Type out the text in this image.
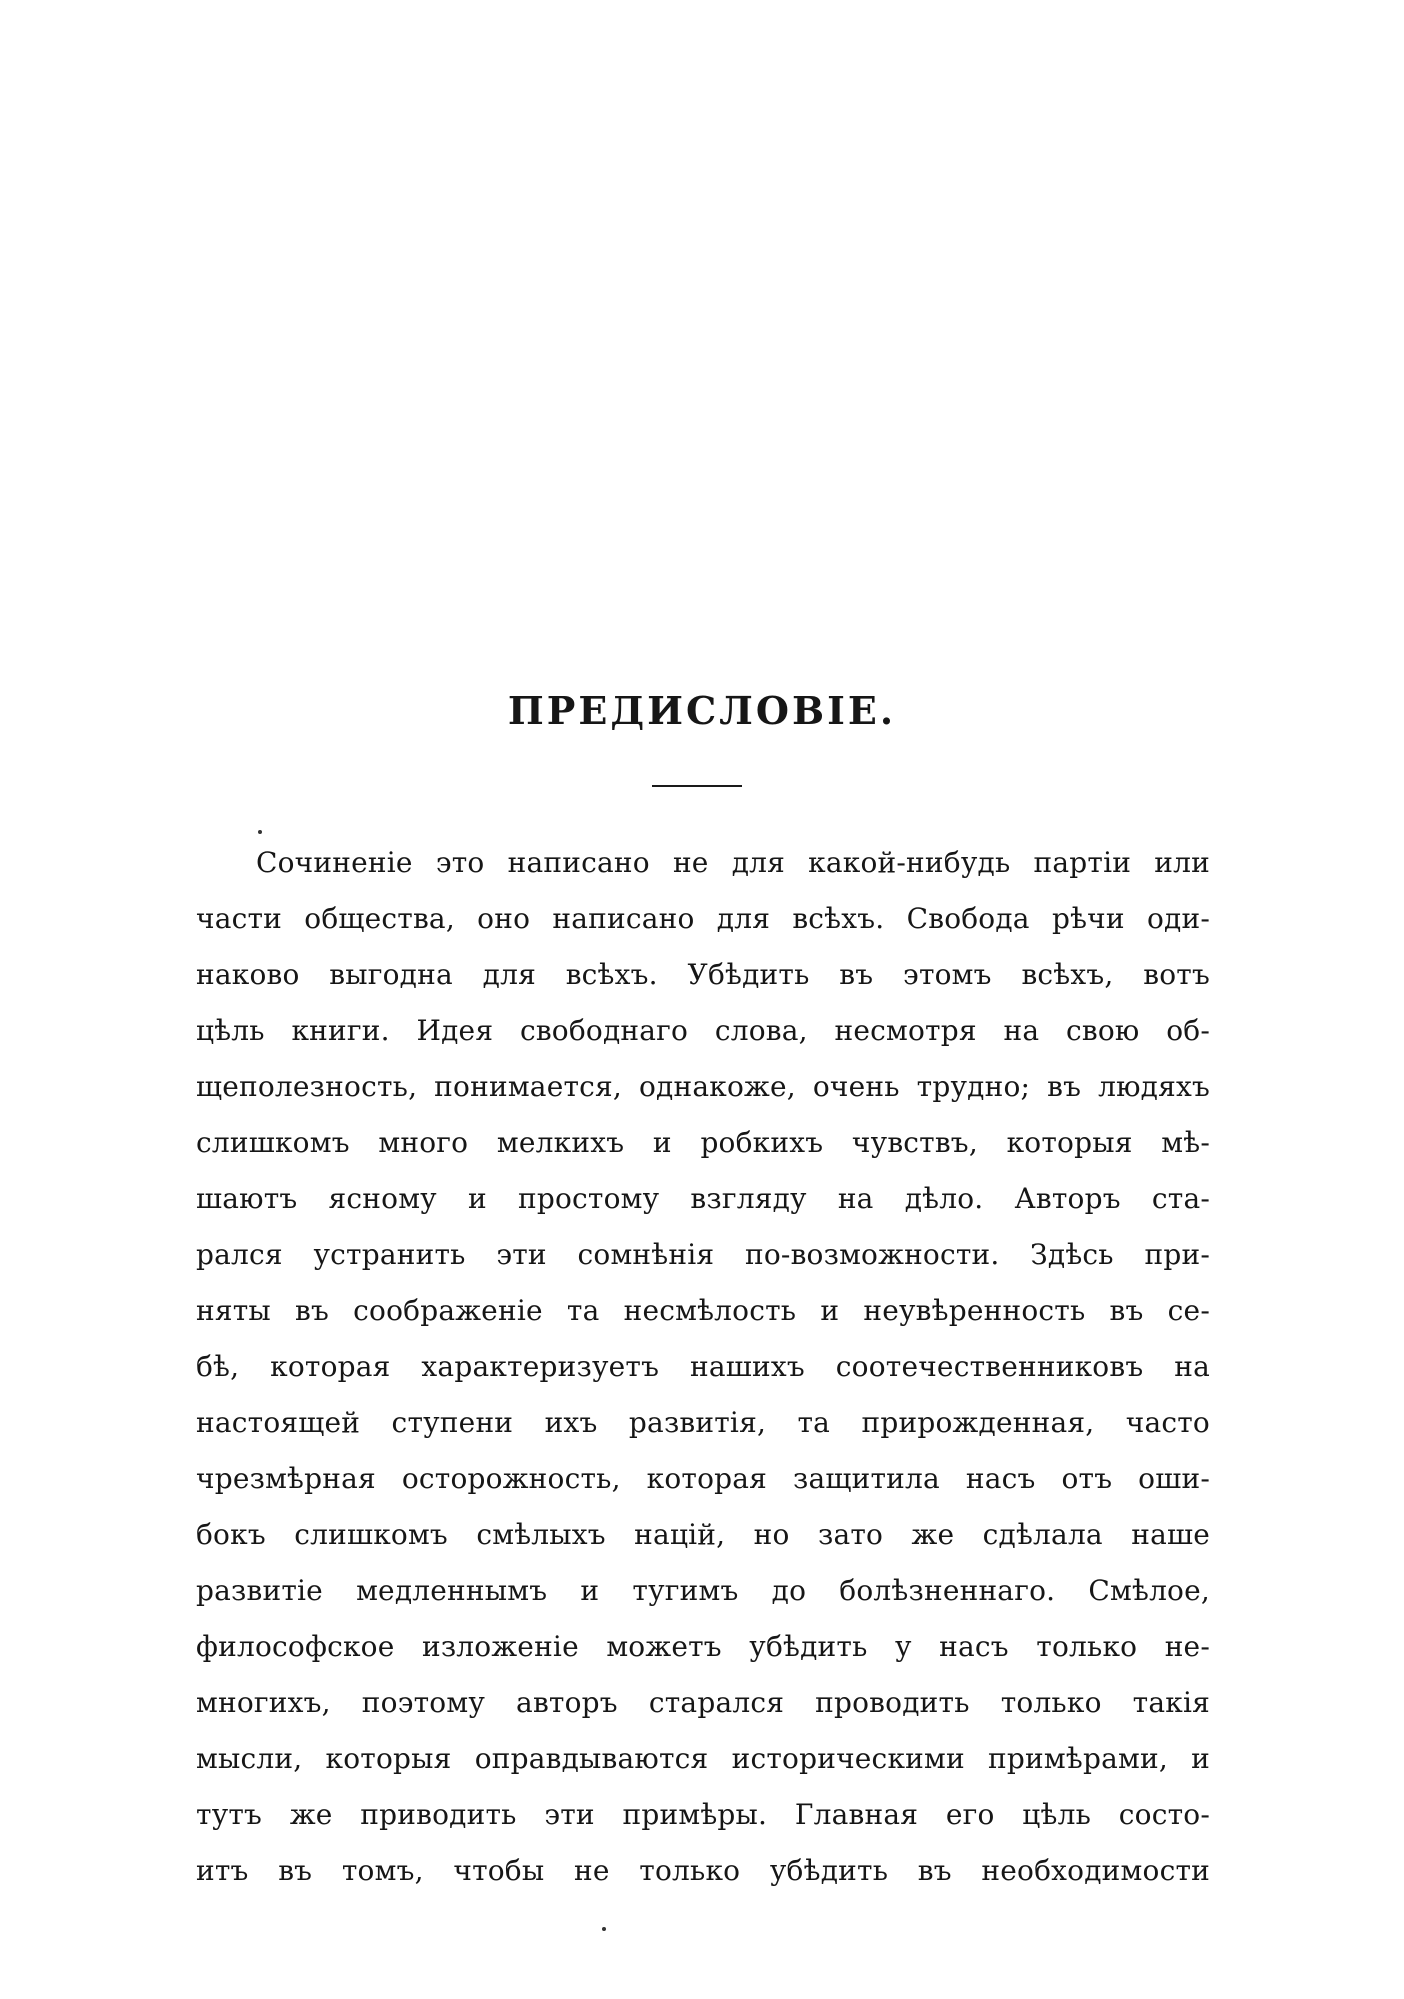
ПРЕДИСЛОВІЕ.
Сочиненіе это написано не для какой-нибудь партіи или
части общества, оно написано для всѣхъ. Свобода рѣчи оди-
наково выгодна для всѣхъ. Убѣдить въ этомъ всѣхъ, вотъ
цѣль книги. Идея свободнаго слова, несмотря на свою об-
щеполезность, понимается, однакоже, очень трудно; въ людяхъ
слишкомъ много мелкихъ и робкихъ чувствъ, которыя мѣ-
шаютъ ясному и простому взгляду на дѣло. Авторъ ста-
рался устранить эти сомнѣнія по-возможности. Здѣсь при-
няты въ соображеніе та несмѣлость и неувѣренность въ се-
бѣ, которая характеризуетъ нашихъ соотечественниковъ на
настоящей ступени ихъ развитія, та прирожденная, часто
чрезмѣрная осторожность, которая защитила насъ отъ оши-
бокъ слишкомъ смѣлыхъ націй, но зато же сдѣлала наше
развитіе медленнымъ и тугимъ до болѣзненнаго. Смѣлое,
философское изложеніе можетъ убѣдить у насъ только не-
многихъ, поэтому авторъ старался проводить только такія
мысли, которыя оправдываются историческими примѣрами, и
тутъ же приводить эти примѣры. Главная его цѣль состо-
итъ въ томъ, чтобы не только убѣдить въ необходимости
